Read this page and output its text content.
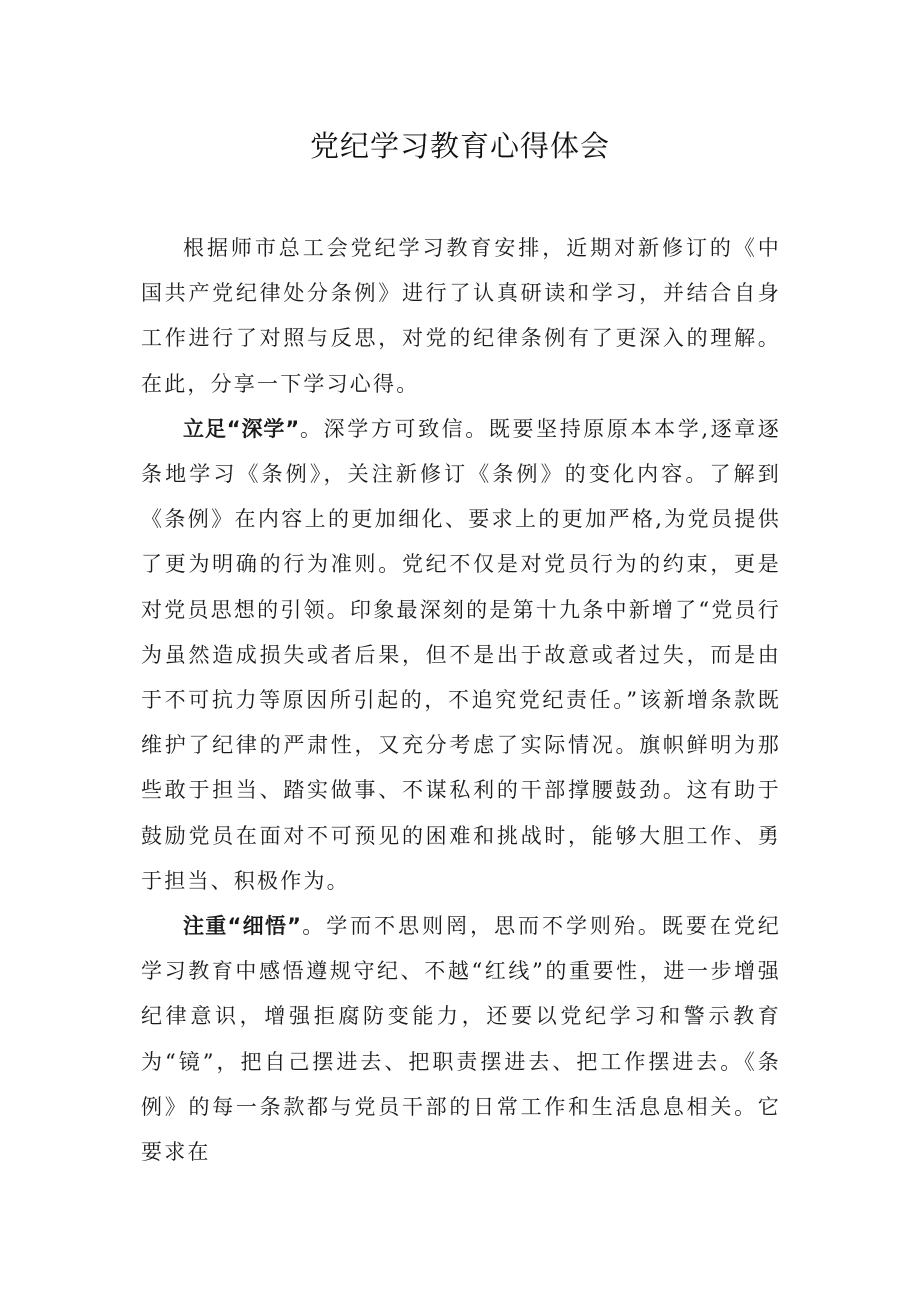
党纪学习教育心得体会

根据师市总工会党纪学习教育安排，近期对新修订的《中国共产党纪律处分条例》进行了认真研读和学习，并结合自身工作进行了对照与反思，对党的纪律条例有了更深入的理解。在此，分享一下学习心得。

立足“深学”。深学方可致信。既要坚持原原本本学,逐章逐条地学习《条例》，关注新修订《条例》的变化内容。了解到《条例》在内容上的更加细化、要求上的更加严格,为党员提供了更为明确的行为准则。党纪不仅是对党员行为的约束，更是对党员思想的引领。印象最深刻的是第十九条中新增了“党员行为虽然造成损失或者后果，但不是出于故意或者过失，而是由于不可抗力等原因所引起的，不追究党纪责任。”该新增条款既维护了纪律的严肃性，又充分考虑了实际情况。旗帜鲜明为那些敢于担当、踏实做事、不谋私利的干部撑腰鼓劲。这有助于鼓励党员在面对不可预见的困难和挑战时，能够大胆工作、勇于担当、积极作为。

注重“细悟”。学而不思则罔，思而不学则殆。既要在党纪学习教育中感悟遵规守纪、不越“红线”的重要性，进一步增强纪律意识，增强拒腐防变能力，还要以党纪学习和警示教育为“镜”，把自己摆进去、把职责摆进去、把工作摆进去。《条例》的每一条款都与党员干部的日常工作和生活息息相关。它要求在
